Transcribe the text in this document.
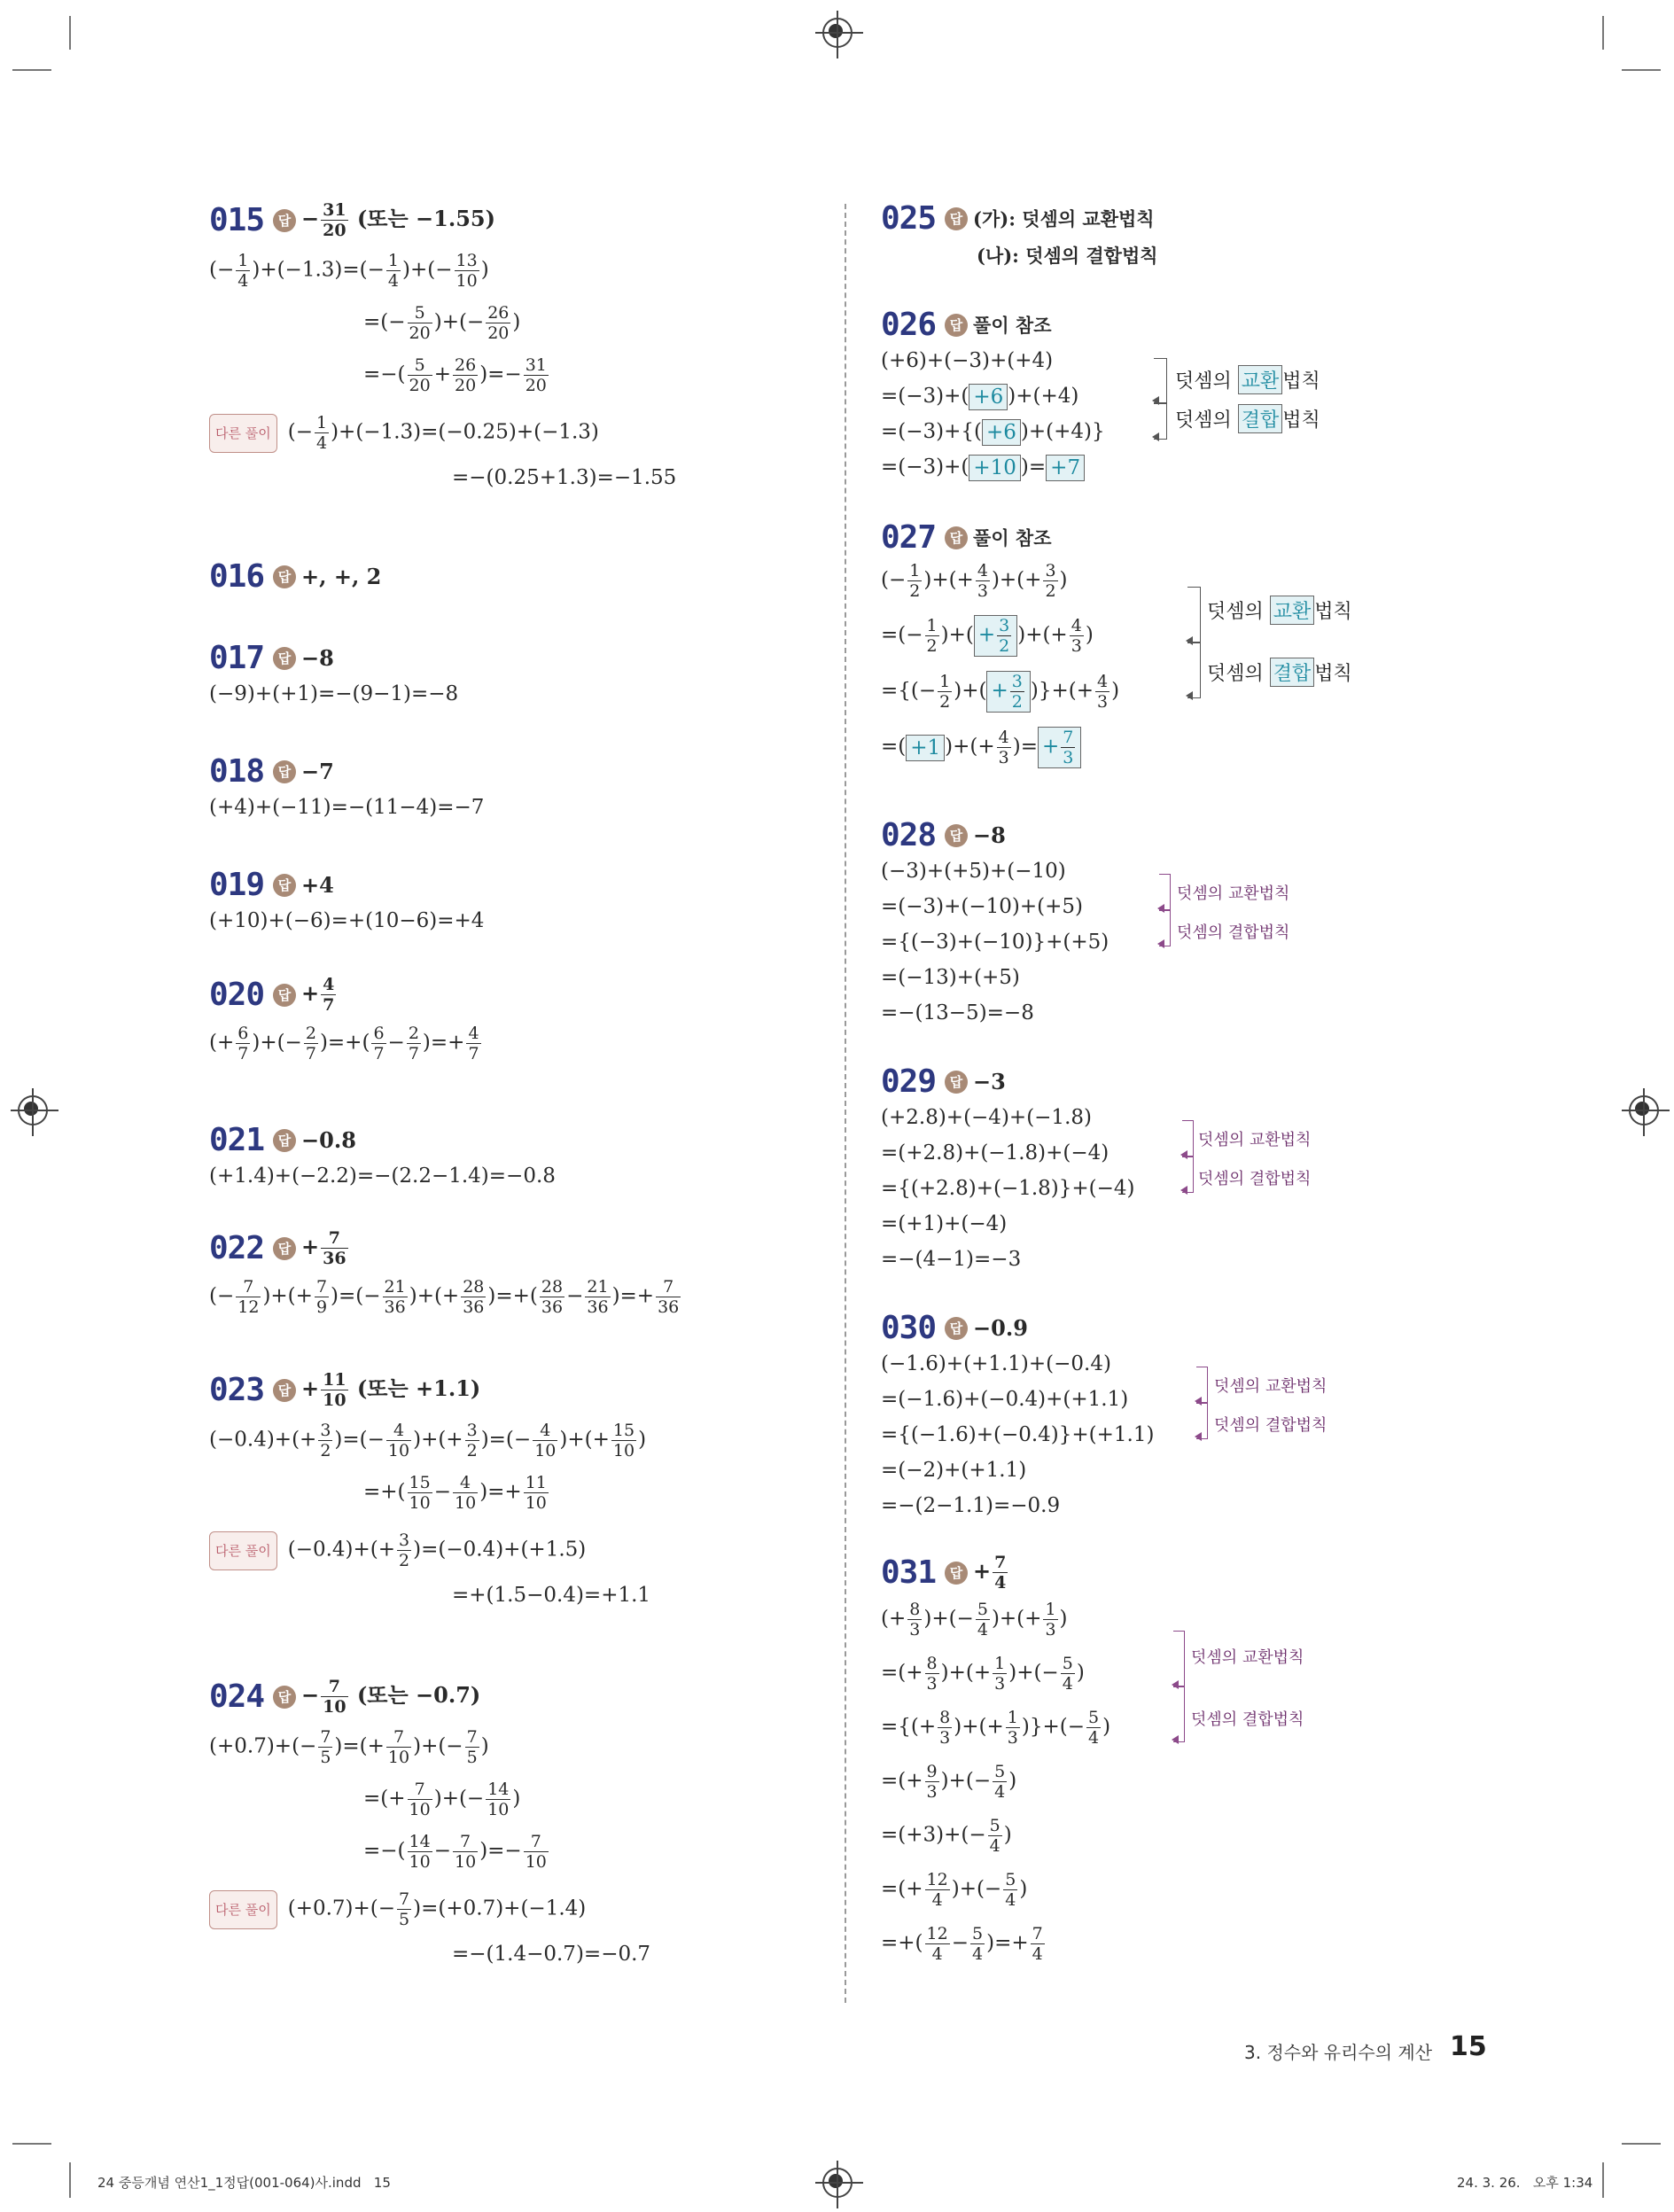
015 답 − $\frac{31}{20}$ (또는 −1.55)
(− $\frac{1}{4} )+(-1.3)=(- \frac{1}{4}$ )+(− $\frac{13}{10}$ )
=(− $\frac{5}{20}$ )+(− $\frac{26}{20}$ )
=−( $\frac{5}{20} + \frac{26}{20}$ )=− $\frac{31}{20}$
다른 풀이 (− $\frac{1}{4} )+(-1.3)=(-0.25)+(-1.3)$
=−(0.25+1.3)=−1.55
016 답 +, +, 2
017 답 −8
(−9)+(+1)=−(9−1)=−8
018 답 −7
(+4)+(−11)=−(11−4)=−7
019 답 +4
(+10)+(−6)=+(10−6)=+4
020 답 + $\frac{4}{7}$
(+ $\frac{6}{7}$ )+(− $\frac{2}{7}$ )=+( $\frac{6}{7} - \frac{2}{7}$ )=+ $\frac{4}{7}$
021 답 −0.8
(+1.4)+(−2.2)=−(2.2−1.4)=−0.8
022 답 + $\frac{7}{36}$
(− $\frac{7}{12}$ )+(+ $\frac{7}{9}$ )=(− $\frac{21}{36}$ )+(+ $\frac{28}{36}$ )=+( $\frac{28}{36} - \frac{21}{36}$ )=+ $\frac{7}{36}$
023 답 + $\frac{11}{10}$ (또는 +1.1)
$(-0.4)+(+ \frac{3}{2}$ )=(− $\frac{4}{10}$ )+(+ $\frac{3}{2}$ )=(− $\frac{4}{10}$ )+(+ $\frac{15}{10}$ )
=+( $\frac{15}{10} - \frac{4}{10}$ )=+ $\frac{11}{10}$
다른 풀이 $(-0.4)+(+ \frac{3}{2} )=(-0.4)+(+1.5)$
=+(1.5−0.4)=+1.1
024 답 − $\frac{7}{10}$ (또는 −0.7)
$(+0.7)+(- \frac{7}{5}$ )=(+ $\frac{7}{10}$ )+(− $\frac{7}{5}$ )
=(+ $\frac{7}{10}$ )+(− $\frac{14}{10}$ )
=−( $\frac{14}{10} - \frac{7}{10}$ )=− $\frac{7}{10}$
다른 풀이 $(+0.7)+(- \frac{7}{5} )=(+0.7)+(-1.4)$
=−(1.4−0.7)=−0.7
025 답 (가): 덧셈의 교환법칙
(나): 덧셈의 결합법칙
026 답 풀이 참조
(+6)+(−3)+(+4)
=(−3)+( +6 )+(+4)
=(−3)+{( +6 )+(+4)}
=(−3)+( +10 )= +7
덧셈의 교환 법칙
덧셈의 결합 법칙
027 답 풀이 참조
(− $\frac{1}{2}$ )+(+ $\frac{4}{3}$ )+(+ $\frac{3}{2}$ )
=(− $\frac{1}{2}$ )+( + $\frac{3}{2}$ )+(+ $\frac{4}{3}$ )
={(− $\frac{1}{2}$ )+( + $\frac{3}{2}$ )}+(+ $\frac{4}{3}$ )
=( +1 )+(+ $\frac{4}{3}$ )= + $\frac{7}{3}$
덧셈의 교환 법칙
덧셈의 결합 법칙
028 답 −8
(−3)+(+5)+(−10)
=(−3)+(−10)+(+5)
={(−3)+(−10)}+(+5)
=(−13)+(+5)
=−(13−5)=−8
덧셈의 교환법칙
덧셈의 결합법칙
029 답 −3
(+2.8)+(−4)+(−1.8)
=(+2.8)+(−1.8)+(−4)
={(+2.8)+(−1.8)}+(−4)
=(+1)+(−4)
=−(4−1)=−3
덧셈의 교환법칙
덧셈의 결합법칙
030 답 −0.9
(−1.6)+(+1.1)+(−0.4)
=(−1.6)+(−0.4)+(+1.1)
={(−1.6)+(−0.4)}+(+1.1)
=(−2)+(+1.1)
=−(2−1.1)=−0.9
덧셈의 교환법칙
덧셈의 결합법칙
031 답 + $\frac{7}{4}$
(+ $\frac{8}{3}$ )+(− $\frac{5}{4}$ )+(+ $\frac{1}{3}$ )
=(+ $\frac{8}{3}$ )+(+ $\frac{1}{3}$ )+(− $\frac{5}{4}$ )
={(+ $\frac{8}{3}$ )+(+ $\frac{1}{3}$ )}+(− $\frac{5}{4}$ )
=(+ $\frac{9}{3}$ )+(− $\frac{5}{4}$ )
$=(+3)+(- \frac{5}{4}$ )
=(+ $\frac{12}{4}$ )+(− $\frac{5}{4}$ )
=+( $\frac{12}{4} - \frac{5}{4}$ )=+ $\frac{7}{4}$
덧셈의 교환법칙
덧셈의 결합법칙
3. 정수와 유리수의 계산 15
24 중등개념 연산1_1정답(001-064)사.indd   15	24. 3. 26.   오후 1:34
